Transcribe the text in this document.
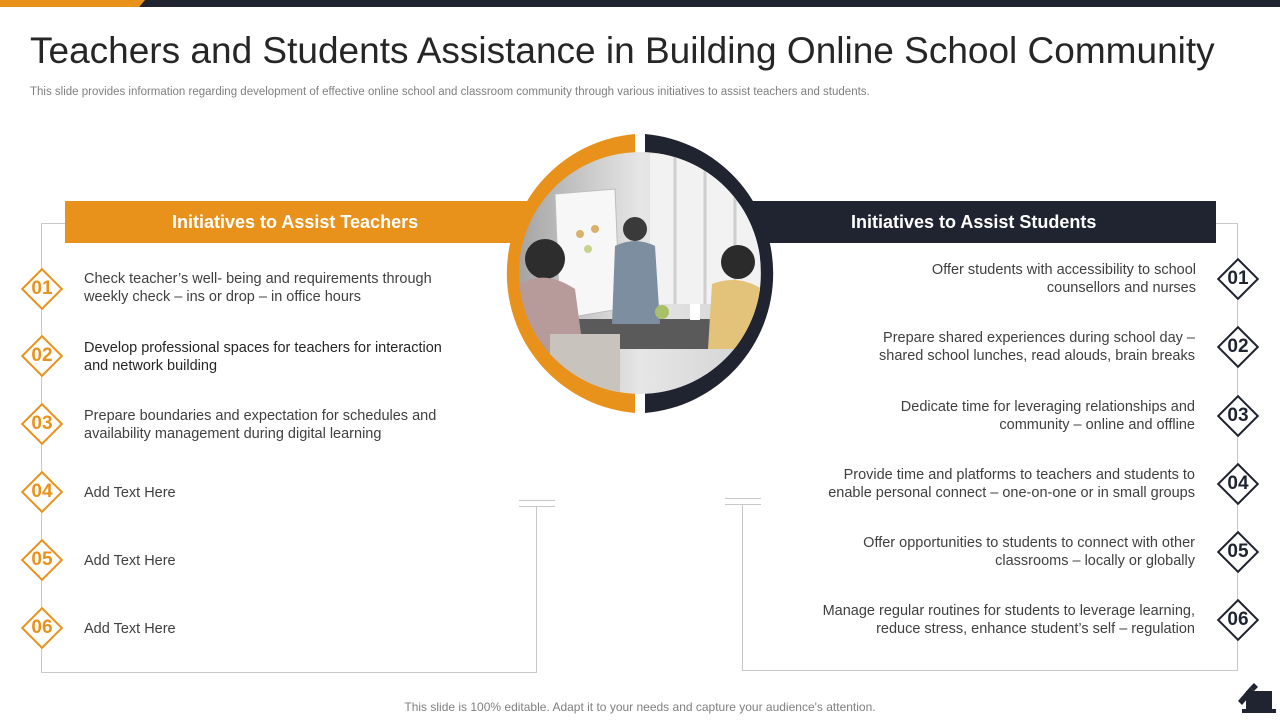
Teachers and Students Assistance in Building Online School Community
This slide provides information regarding development of effective online school and classroom community through various initiatives to assist teachers and students.
Initiatives to Assist Teachers	Initiatives to Assist Students
01	Check teacher’s well- being and requirements through weekly check – ins or drop – in office hours
02	Develop professional spaces for teachers for interaction and network building
03	Prepare boundaries and expectation for schedules and availability management during digital learning
04	Add Text Here
05	Add Text Here
06	Add Text Here
01
Offer students with accessibility to school counsellors and nurses
02
Prepare shared experiences during school day – shared school lunches, read alouds, brain breaks
03
Dedicate time for leveraging relationships and community – online and offline
04
Provide time and platforms to teachers and students to enable personal connect – one-on-one or in small groups
05
Offer opportunities to students to connect with other classrooms – locally or globally
06
Manage regular routines for students to leverage learning, reduce stress, enhance student’s self – regulation
This slide is 100% editable. Adapt it to your needs and capture your audience's attention.
